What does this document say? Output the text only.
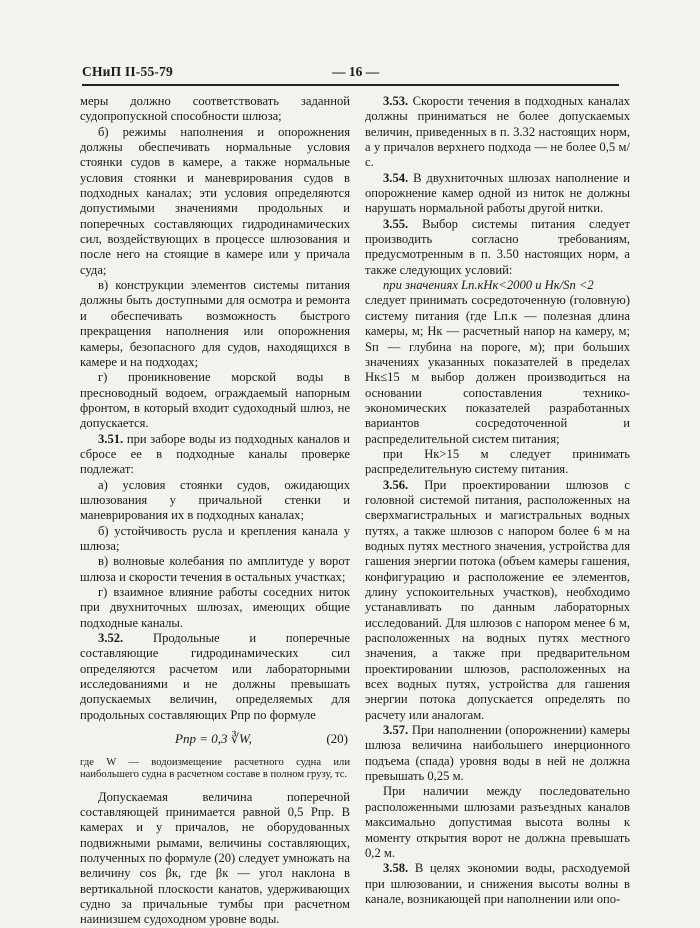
СНиП II-55-79	— 16 —

меры должно соответствовать заданной судопропускной способности шлюза;

б) режимы наполнения и опорожнения должны обеспечивать нормальные условия стоянки судов в камере, а также нормальные условия стоянки и маневрирования судов в подходных каналах; эти условия определяются допустимыми значениями продольных и поперечных составляющих гидродинамических сил, воздействующих в процессе шлюзования и после него на стоящие в камере или у причала суда;

в) конструкции элементов системы питания должны быть доступными для осмотра и ремонта и обеспечивать возможность быстрого прекращения наполнения или опорожнения камеры, безопасного для судов, находящихся в камере и на подходах;

г) проникновение морской воды в пресноводный водоем, ограждаемый напорным фронтом, в который входит судоходный шлюз, не допускается.

3.51. при заборе воды из подходных каналов и сбросе ее в подходные каналы проверке подлежат:

а) условия стоянки судов, ожидающих шлюзования у причальной стенки и маневрирования их в подходных каналах;

б) устойчивость русла и крепления канала у шлюза;

в) волновые колебания по амплитуде у ворот шлюза и скорости течения в остальных участках;

г) взаимное влияние работы соседних ниток при двухниточных шлюзах, имеющих общие подходные каналы.

3.52. Продольные и поперечные составляющие гидродинамических сил определяются расчетом или лабораторными исследованиями и не должны превышать допускаемых величин, определяемых для продольных составляющих Pпр по формуле

Pпр = 0,3 ∛W,	(20)

где W — водоизмещение расчетного судна или наибольшего судна в расчетном составе в полном грузу, тс.

Допускаемая величина поперечной составляющей принимается равной 0,5 Pпр. В камерах и у причалов, не оборудованных подвижными рымами, величины составляющих, полученных по формуле (20) следует умножать на величину cos βк, где βк — угол наклона в вертикальной плоскости канатов, удерживающих судно за причальные тумбы при расчетном наинизшем судоходном уровне воды.

3.53. Скорости течения в подходных каналах должны приниматься не более допускаемых величин, приведенных в п. 3.32 настоящих норм, а у причалов верхнего подхода — не более 0,5 м/с.

3.54. В двухниточных шлюзах наполнение и опорожнение камер одной из ниток не должны нарушать нормальной работы другой нитки.

3.55. Выбор системы питания следует производить согласно требованиям, предусмотренным в п. 3.50 настоящих норм, а также следующих условий:

при значениях Lп.кHк<2000 и Hк/Sп <2

следует принимать сосредоточенную (головную) систему питания (где Lп.к — полезная длина камеры, м; Hк — расчетный напор на камеру, м; Sп — глубина на пороге, м); при больших значениях указанных показателей в пределах Hк≤15 м выбор должен производиться на основании сопоставления технико-экономических показателей разработанных вариантов сосредоточенной и распределительной систем питания;

при Hк>15 м следует принимать распределительную систему питания.

3.56. При проектировании шлюзов с головной системой питания, расположенных на сверхмагистральных и магистральных водных путях, а также шлюзов с напором более 6 м на водных путях местного значения, устройства для гашения энергии потока (объем камеры гашения, конфигурацию и расположение ее элементов, длину успокоительных участков), необходимо устанавливать по данным лабораторных исследований. Для шлюзов с напором менее 6 м, расположенных на водных путях местного значения, а также при предварительном проектировании шлюзов, расположенных на всех водных путях, устройства для гашения энергии потока допускается определять по расчету или аналогам.

3.57. При наполнении (опорожнении) камеры шлюза величина наибольшего инерционного подъема (спада) уровня воды в ней не должна превышать 0,25 м.

При наличии между последовательно расположенными шлюзами разъездных каналов максимально допустимая высота волны к моменту открытия ворот не должна превышать 0,2 м.

3.58. В целях экономии воды, расходуемой при шлюзовании, и снижения высоты волны в канале, возникающей при наполнении или опо-
